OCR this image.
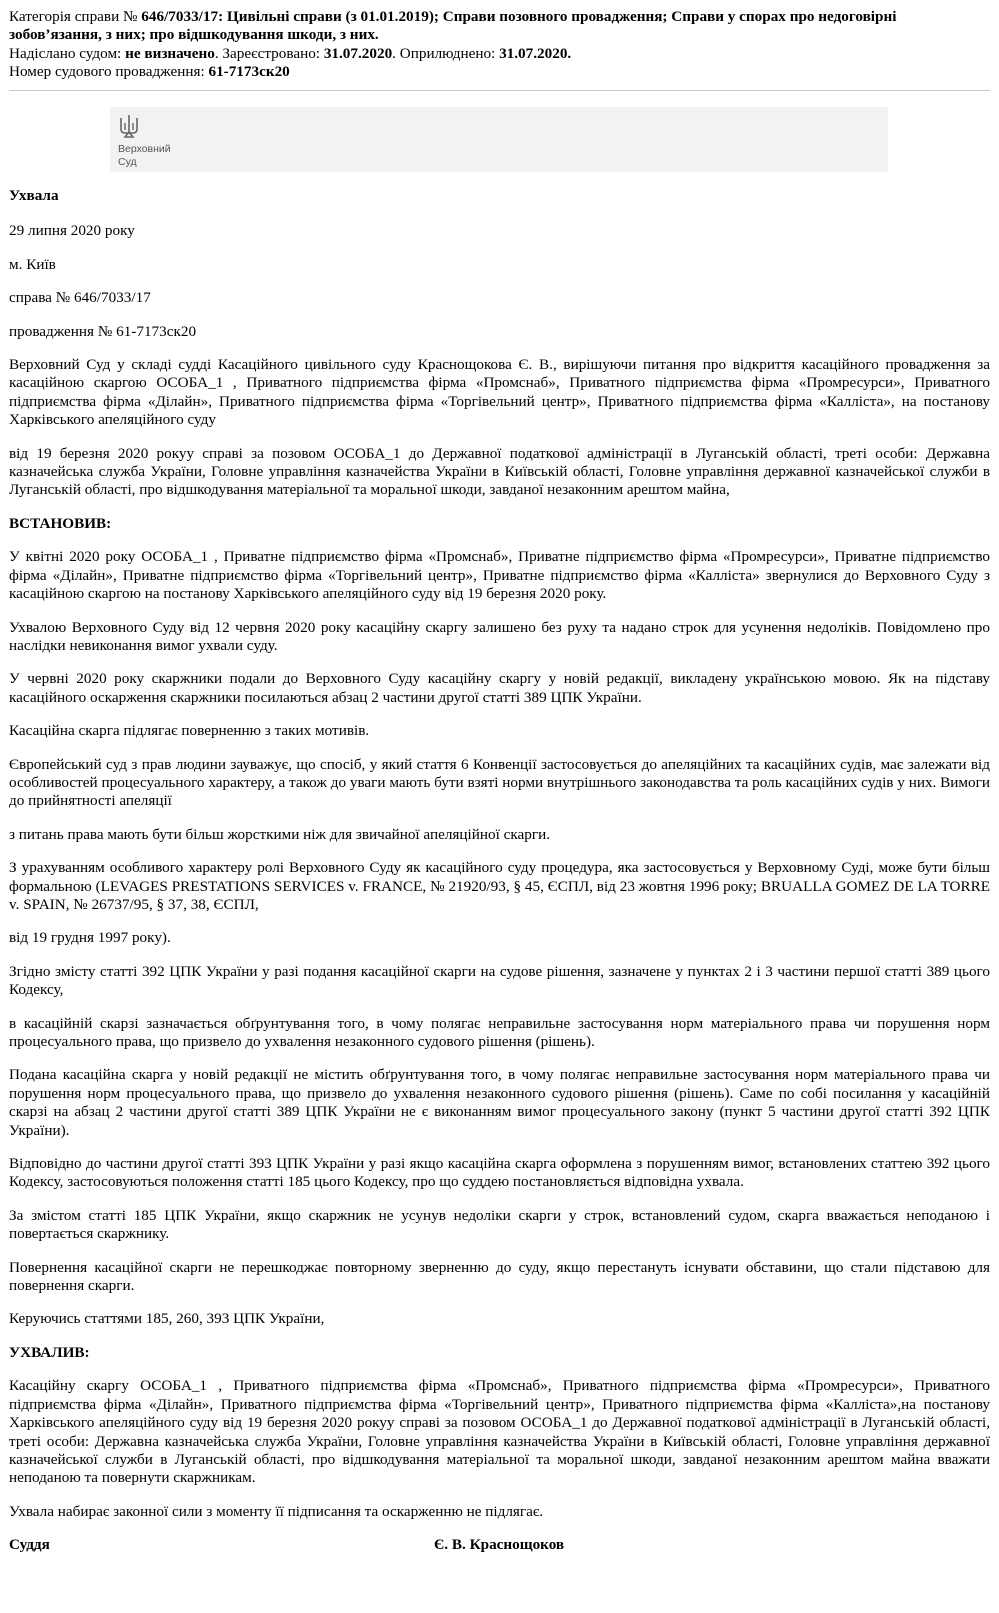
Категорія справи № 646/7033/17: Цивільні справи (з 01.01.2019); Справи позовного провадження; Справи у спорах про недоговірні зобов’язання, з них; про відшкодування шкоди, з них.
Надіслано судом: не визначено. Зареєстровано: 31.07.2020. Оприлюднено: 31.07.2020.
Номер судового провадження: 61-7173ск20
Верховний
Суд

Ухвала

29 липня 2020 року

м. Київ

справа № 646/7033/17

провадження № 61-7173ск20

Верховний Суд у складі судді Касаційного цивільного суду Краснощокова Є. В., вирішуючи питання про відкриття касаційного провадження за касаційною скаргою ОСОБА_1 , Приватного підприємства фірма «Промснаб», Приватного підприємства фірма «Промресурси», Приватного підприємства фірма «Ділайн», Приватного підприємства фірма «Торгівельний центр», Приватного підприємства фірма «Каллiста», на постанову Харківського апеляційного суду

від 19 березня 2020 рокуу справі за позовом ОСОБА_1 до Державної податкової адміністрації в Луганській області, треті особи: Державна казначейська служба України, Головне управління казначейства України в Київській області, Головне управління державної казначейської служби в Луганській області, про відшкодування матеріальної та моральної шкоди, завданої незаконним арештом майна,

ВСТАНОВИВ:

У квітні 2020 року ОСОБА_1 , Приватне підприємство фірма «Промснаб», Приватне підприємство фірма «Промресурси», Приватне підприємство фірма «Ділайн», Приватне підприємство фірма «Торгівельний центр», Приватне підприємство фірма «Каллiста» звернулися до Верховного Суду з касаційною скаргою на постанову Харківського апеляційного суду від 19 березня 2020 року.

Ухвалою Верховного Суду від 12 червня 2020 року касаційну скаргу залишено без руху та надано строк для усунення недоліків. Повідомлено про наслідки невиконання вимог ухвали суду.

У червні 2020 року скаржники подали до Верховного Суду касаційну скаргу у новій редакції, викладену українською мовою. Як на підставу касаційного оскарження скаржники посилаються абзац 2 частини другої статті 389 ЦПК України.

Касаційна скарга підлягає поверненню з таких мотивів.

Європейський суд з прав людини зауважує, що спосіб, у який стаття 6 Конвенції застосовується до апеляційних та касаційних судів, має залежати від особливостей процесуального характеру, а також до уваги мають бути взяті норми внутрішнього законодавства та роль касаційних судів у них. Вимоги до прийнятності апеляції

з питань права мають бути більш жорсткими ніж для звичайної апеляційної скарги.

З урахуванням особливого характеру ролі Верховного Суду як касаційного суду процедура, яка застосовується у Верховному Суді, може бути більш формальною (LEVAGES PRESTATIONS SERVICES v. FRANCE, № 21920/93, § 45, ЄСПЛ, від 23 жовтня 1996 року; BRUALLA GOMEZ DE LA TORRE v. SPAIN, № 26737/95, § 37, 38, ЄСПЛ,

від 19 грудня 1997 року).

Згідно змісту статті 392 ЦПК України у разі подання касаційної скарги на судове рішення, зазначене у пунктах 2 і 3 частини першої статті 389 цього Кодексу,

в касаційній скарзі зазначається обґрунтування того, в чому полягає неправильне застосування норм матеріального права чи порушення норм процесуального права, що призвело до ухвалення незаконного судового рішення (рішень).

Подана касаційна скарга у новій редакції не містить обґрунтування того, в чому полягає неправильне застосування норм матеріального права чи порушення норм процесуального права, що призвело до ухвалення незаконного судового рішення (рішень). Саме по собі посилання у касаційній скарзі на абзац 2 частини другої статті 389 ЦПК України не є виконанням вимог процесуального закону (пункт 5 частини другої статті 392 ЦПК України).

Відповідно до частини другої статті 393 ЦПК України у разі якщо касаційна скарга оформлена з порушенням вимог, встановлених статтею 392 цього Кодексу, застосовуються положення статті 185 цього Кодексу, про що суддею постановляється відповідна ухвала.

За змістом статті 185 ЦПК України, якщо скаржник не усунув недоліки скарги у строк, встановлений судом, скарга вважається неподаною і повертається скаржнику.

Повернення касаційної скарги не перешкоджає повторному зверненню до суду, якщо перестануть існувати обставини, що стали підставою для повернення скарги.

Керуючись статтями 185, 260, 393 ЦПК України,

УХВАЛИВ:

Касаційну скаргу ОСОБА_1 , Приватного підприємства фірма «Промснаб», Приватного підприємства фірма «Промресурси», Приватного підприємства фірма «Ділайн», Приватного підприємства фірма «Торгівельний центр», Приватного підприємства фірма «Каллiста»,на постанову Харківського апеляційного суду від 19 березня 2020 рокуу справі за позовом ОСОБА_1 до Державної податкової адміністрації в Луганській області, треті особи: Державна казначейська служба України, Головне управління казначейства України в Київській області, Головне управління державної казначейської служби в Луганській області, про відшкодування матеріальної та моральної шкоди, завданої незаконним арештом майна вважати неподаною та повернути скаржникам.

Ухвала набирає законної сили з моменту її підписання та оскарженню не підлягає.

Суддя	Є. В. Краснощоков
